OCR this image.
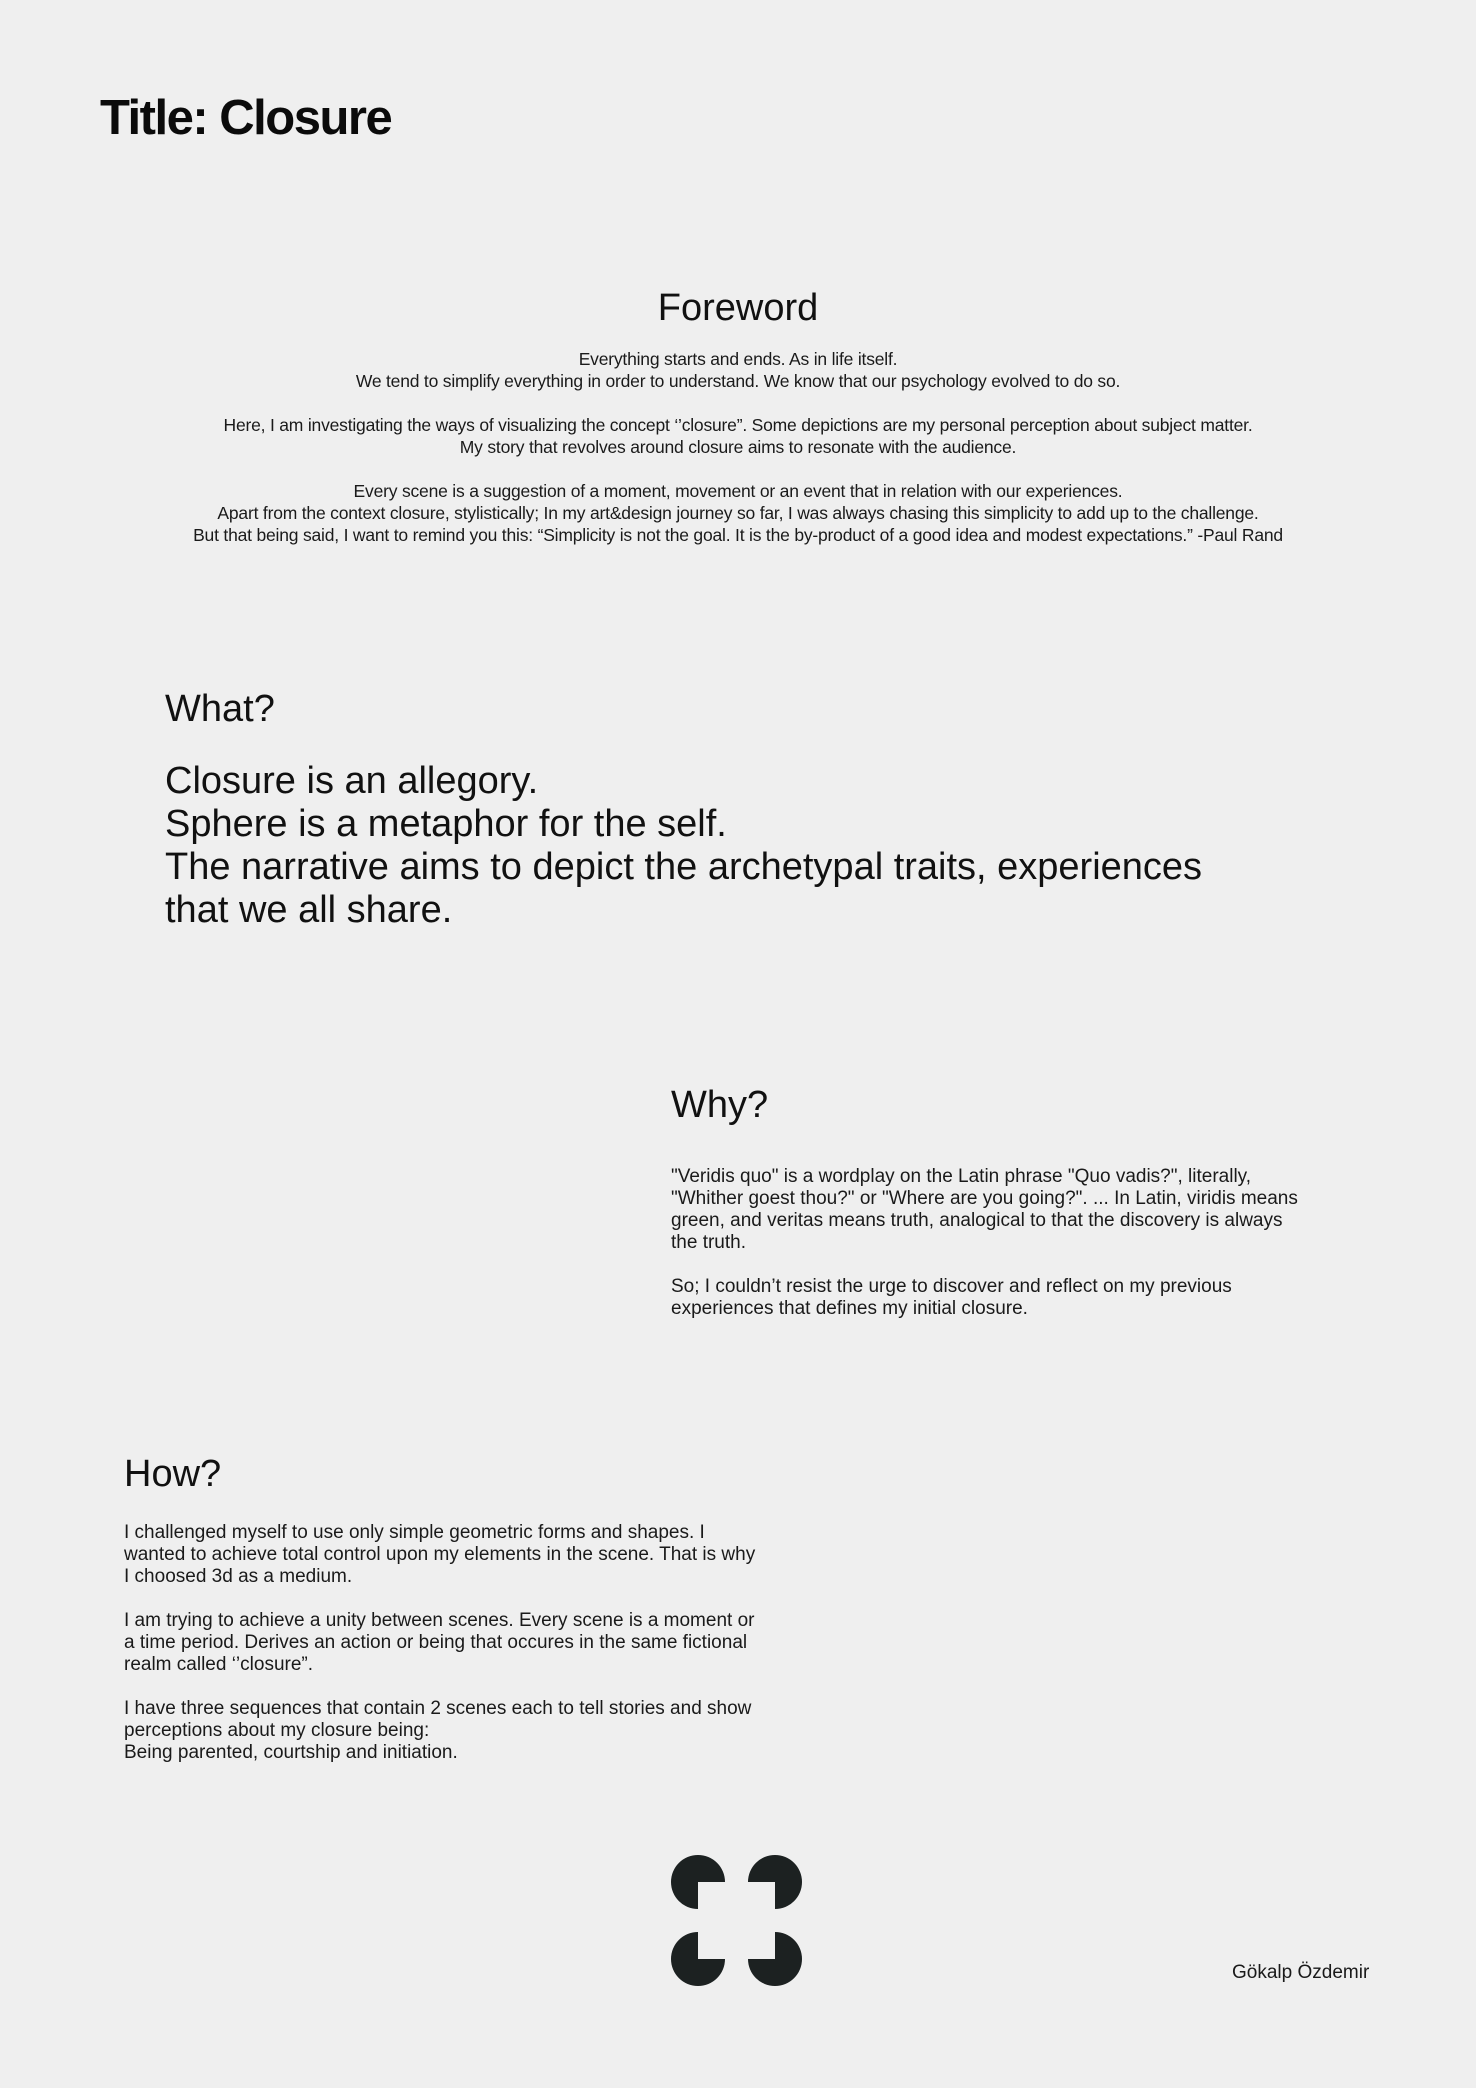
Title: Closure
Foreword

Everything starts and ends. As in life itself.
We tend to simplify everything in order to understand. We know that our psychology evolved to do so.

Here, I am investigating the ways of visualizing the concept ‘’closure”. Some depictions are my personal perception about subject matter.
My story that revolves around closure aims to resonate with the audience.

Every scene is a suggestion of a moment, movement or an event that in relation with our experiences.
Apart from the context closure, stylistically; In my art&design journey so far, I was always chasing this simplicity to add up to the challenge.
But that being said, I want to remind you this: “Simplicity is not the goal. It is the by-product of a good idea and modest expectations.” -Paul Rand

What?

Closure is an allegory.
Sphere is a metaphor for the self.
The narrative aims to depict the archetypal traits, experiences
that we all share.

Why?

"Veridis quo" is a wordplay on the Latin phrase "Quo vadis?", literally, "Whither goest thou?" or "Where are you going?". ... In Latin, viridis means green, and veritas means truth, analogical to that the discovery is always the truth.

So; I couldn’t resist the urge to discover and reflect on my previous experiences that defines my initial closure.

How?

I challenged myself to use only simple geometric forms and shapes. I
wanted to achieve total control upon my elements in the scene. That is why
I choosed 3d as a medium.

I am trying to achieve a unity between scenes. Every scene is a moment or
a time period. Derives an action or being that occures in the same fictional
realm called ‘’closure”.

I have three sequences that contain 2 scenes each to tell stories and show
perceptions about my closure being:
Being parented, courtship and initiation.

Gökalp Özdemir
